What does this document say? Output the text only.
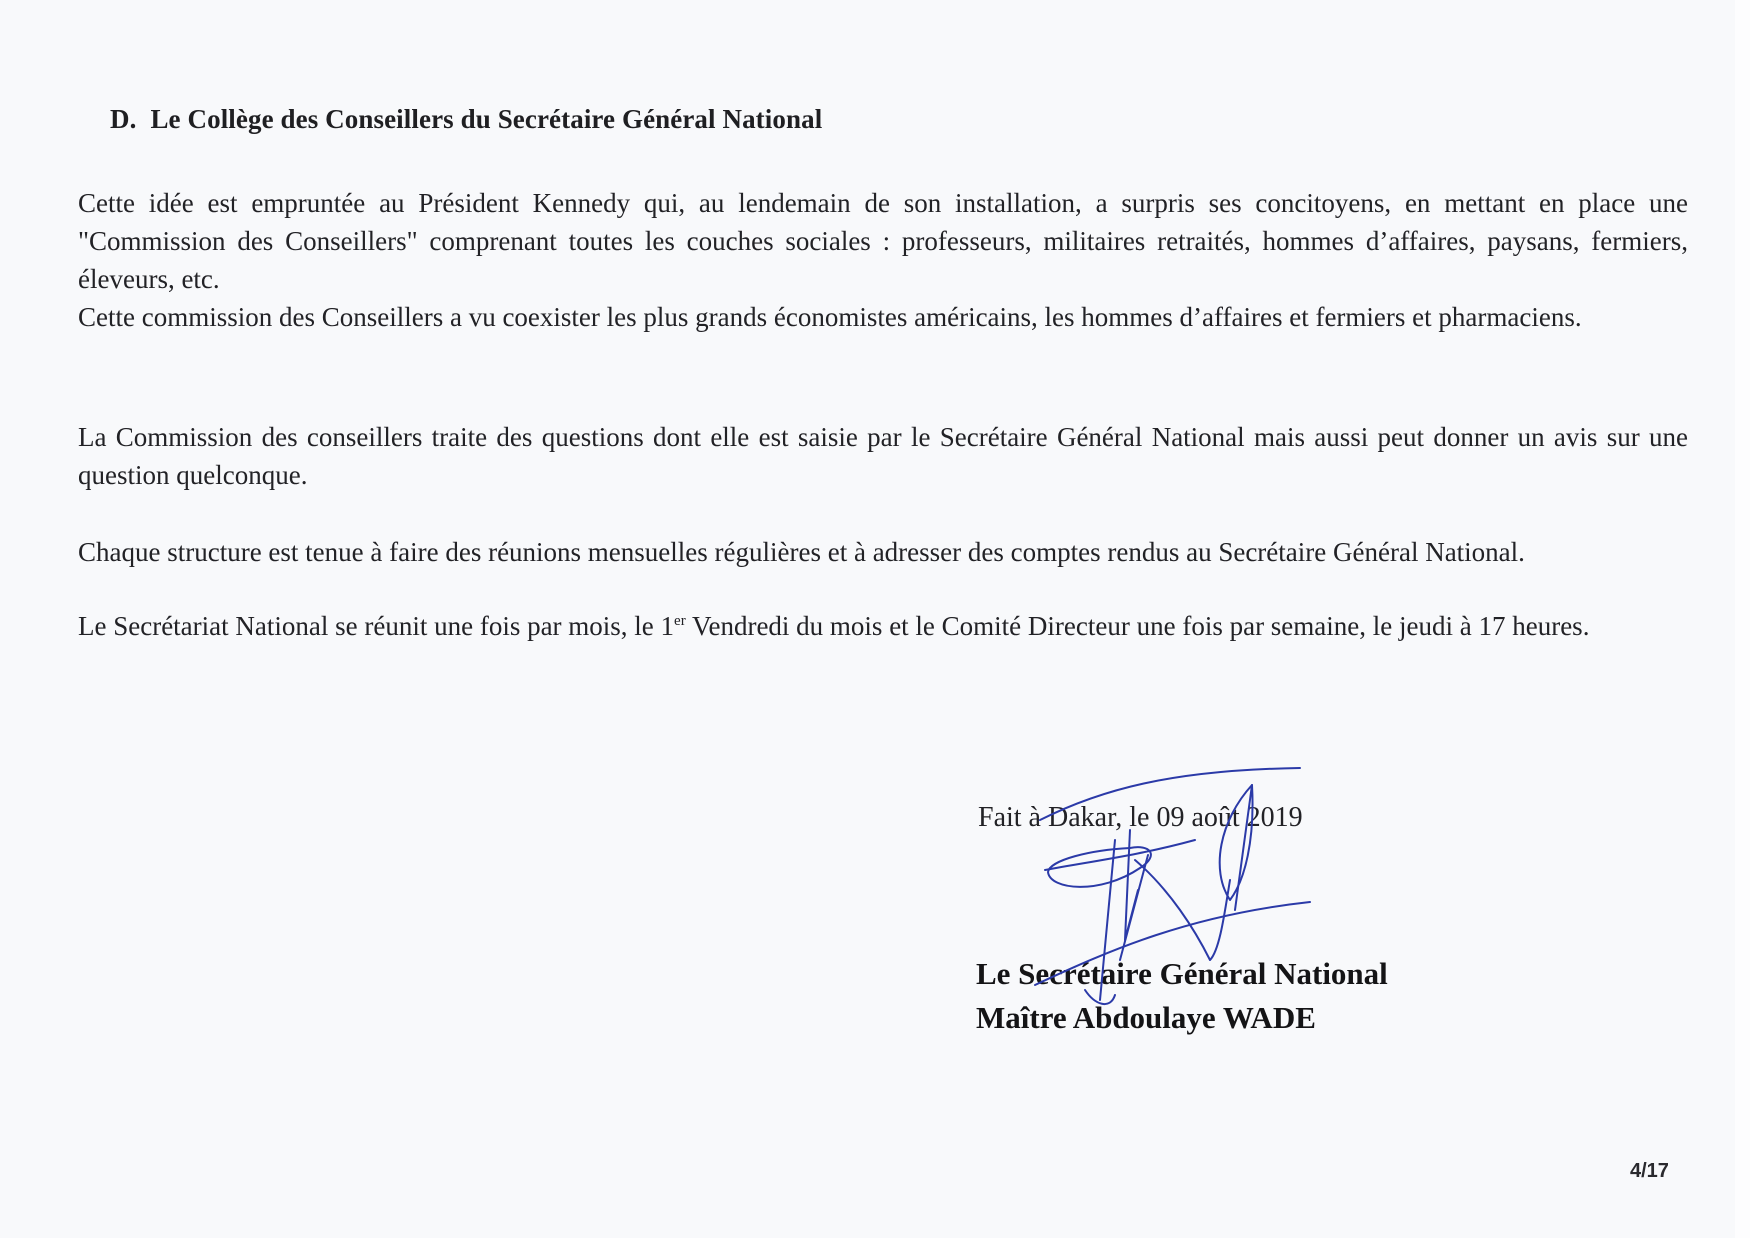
D. Le Collège des Conseillers du Secrétaire Général National

Cette idée est empruntée au Président Kennedy qui, au lendemain de son installation, a surpris ses concitoyens, en mettant en place une "Commission des Conseillers" comprenant toutes les couches sociales : professeurs, militaires retraités, hommes d’affaires, paysans, fermiers, éleveurs, etc.

Cette commission des Conseillers a vu coexister les plus grands économistes américains, les hommes d’affaires et fermiers et pharmaciens.

La Commission des conseillers traite des questions dont elle est saisie par le Secrétaire Général National mais aussi peut donner un avis sur une question quelconque.

Chaque structure est tenue à faire des réunions mensuelles régulières et à adresser des comptes rendus au Secrétaire Général National.

Le Secrétariat National se réunit une fois par mois, le 1er Vendredi du mois et le Comité Directeur une fois par semaine, le jeudi à 17 heures.

Fait à Dakar, le 09 août 2019
Le Secrétaire Général National
Maître Abdoulaye WADE
4/17
